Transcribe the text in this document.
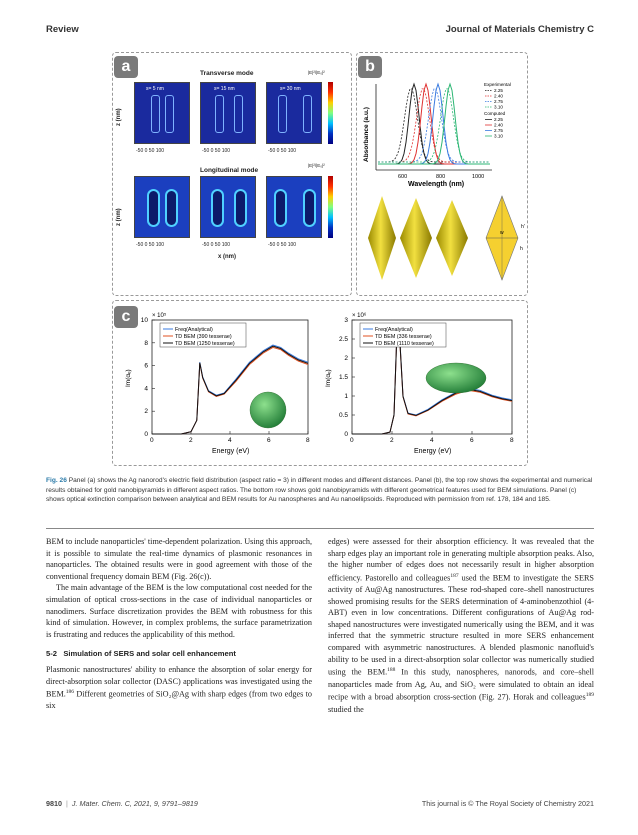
Review	Journal of Materials Chemistry C
a	Transverse mode	|E|²/|E₀|²
Longitudinal mode
|E|²/|E₀|²
z (nm)
z (nm)
s= 5 nm	s= 15 nm	s= 30 nm
-50 0 50 100	-50 0 50 100	-50 0 50 100
-50 0 50 100	-50 0 50 100	-50 0 50 100
x (nm)
b
600	800	1000
Wavelength (nm)
Absorbance (a.u.)
Experimental
Computed
2.25
2.40
2.75
3.10
2.25
2.40
2.75
3.10
w
h'
h
c
0	2	4	6	8
0
2
4
6
8
10
× 10⁵
Energy (eV)
Im(αₑ)
Freq(Analytical)
TD BEM (390 tesserae)
TD BEM (1250 tesserae)
0	2	4	6	8
0
0.5
1
1.5
2
2.5
3
× 10⁶
Energy (eV)
Im(αₑ)
Freq(Analytical)
TD BEM (336 tesserae)
TD BEM (1110 tesserae)
Fig. 26 Panel (a) shows the Ag nanorod's electric field distribution (aspect ratio = 3) in different modes and different distances. Panel (b), the top row shows the experimental and numerical results obtained for gold nanobipyramids in different aspect ratios. The bottom row shows gold nanobipyramids with different geometrical features used for BEM simulations. Panel (c) shows optical extinction comparison between analytical and BEM results for Au nanospheres and Au nanoellipsoids. Reproduced with permission from ref. 178, 184 and 185.

BEM to include nanoparticles' time-dependent polarization. Using this approach, it is possible to simulate the real-time dynamics of plasmonic resonances in nanoparticles. The obtained results were in good agreement with those of the conventional frequency domain BEM (Fig. 26(c)).

The main advantage of the BEM is the low computational cost needed for the simulation of optical cross-sections in the case of individual nanoparticles or nanodimers. Surface discretization provides the BEM with robustness for this kind of simulation. However, in complex problems, the surface parametrization is frustrating and reduces the applicability of this method.

5-2 Simulation of SERS and solar cell enhancement

Plasmonic nanostructures' ability to enhance the absorption of solar energy for direct-absorption solar collector (DASC) applications was investigated using the BEM.$^{186}$ Different geometries of SiO₂@Ag with sharp edges (from two edges to six

edges) were assessed for their absorption efficiency. It was revealed that the sharp edges play an important role in generating multiple absorption peaks. Also, the higher number of edges does not necessarily result in higher absorption efficiency. Pastorello and colleagues$^{187}$ used the BEM to investigate the SERS activity of Au@Ag nanostructures. These rod-shaped core–shell nanostructures showed promising results for the SERS determination of 4-aminobenzothiol (4-ABT) even in low concentrations. Different configurations of Au@Ag rod-shaped nanostructures were investigated numerically using the BEM, and it was inferred that the symmetric structure resulted in more SERS enhancement compared with asymmetric nanostructures. A blended plasmonic nanofluid's ability to be used in a direct-absorption solar collector was numerically studied using the BEM.$^{188}$ In this study, nanospheres, nanorods, and core–shell nanoparticles made from Ag, Au, and SiO₂ were simulated to obtain an ideal recipe with a broad absorption cross-section (Fig. 27). Horak and colleagues$^{189}$ studied the

9810  |  J. Mater. Chem. C, 2021, 9, 9791–9819	This journal is © The Royal Society of Chemistry 2021
